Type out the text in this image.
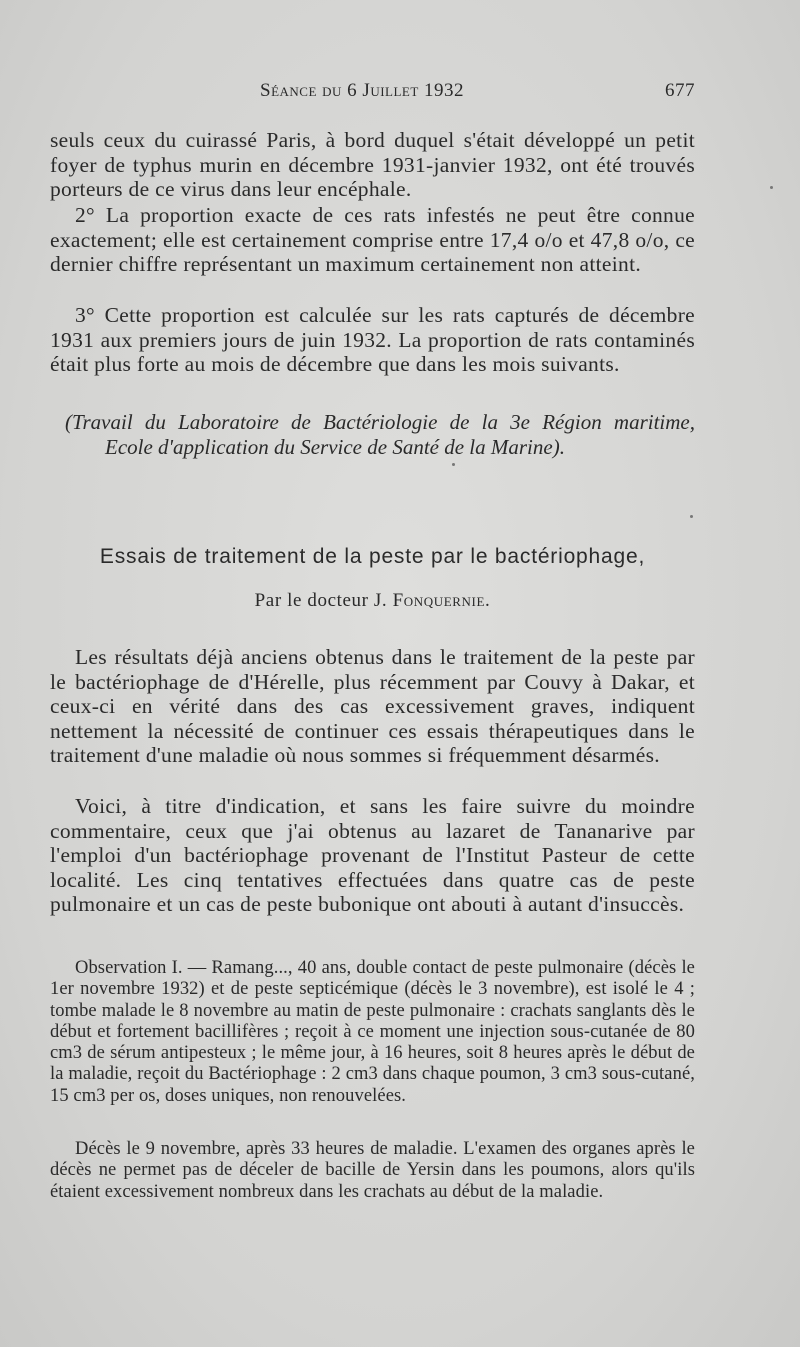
Séance du 6 Juillet 1932	677

seuls ceux du cuirassé Paris, à bord duquel s'était développé un petit foyer de typhus murin en décembre 1931-janvier 1932, ont été trouvés porteurs de ce virus dans leur encéphale.

2° La proportion exacte de ces rats infestés ne peut être connue exactement; elle est certainement comprise entre 17,4 o/o et 47,8 o/o, ce dernier chiffre représentant un maximum certainement non atteint.

3° Cette proportion est calculée sur les rats capturés de décembre 1931 aux premiers jours de juin 1932. La proportion de rats contaminés était plus forte au mois de décembre que dans les mois suivants.

(Travail du Laboratoire de Bactériologie de la 3e Région maritime,
Ecole d'application du Service de Santé de la Marine).

Essais de traitement de la peste par le bactériophage,
Par le docteur J. Fonquernie.

Les résultats déjà anciens obtenus dans le traitement de la peste par le bactériophage de d'Hérelle, plus récemment par Couvy à Dakar, et ceux-ci en vérité dans des cas excessivement graves, indiquent nettement la nécessité de continuer ces essais thérapeutiques dans le traitement d'une maladie où nous sommes si fréquemment désarmés.

Voici, à titre d'indication, et sans les faire suivre du moindre commentaire, ceux que j'ai obtenus au lazaret de Tananarive par l'emploi d'un bactériophage provenant de l'Institut Pasteur de cette localité. Les cinq tentatives effectuées dans quatre cas de peste pulmonaire et un cas de peste bubonique ont abouti à autant d'insuccès.

Observation I. — Ramang..., 40 ans, double contact de peste pulmonaire (décès le 1er novembre 1932) et de peste septicémique (décès le 3 novembre), est isolé le 4 ; tombe malade le 8 novembre au matin de peste pulmonaire : crachats sanglants dès le début et fortement bacillifères ; reçoit à ce moment une injection sous-cutanée de 80 cm3 de sérum antipesteux ; le même jour, à 16 heures, soit 8 heures après le début de la maladie, reçoit du Bactériophage : 2 cm3 dans chaque poumon, 3 cm3 sous-cutané, 15 cm3 per os, doses uniques, non renouvelées.

Décès le 9 novembre, après 33 heures de maladie. L'examen des organes après le décès ne permet pas de déceler de bacille de Yersin dans les poumons, alors qu'ils étaient excessivement nombreux dans les crachats au début de la maladie.
